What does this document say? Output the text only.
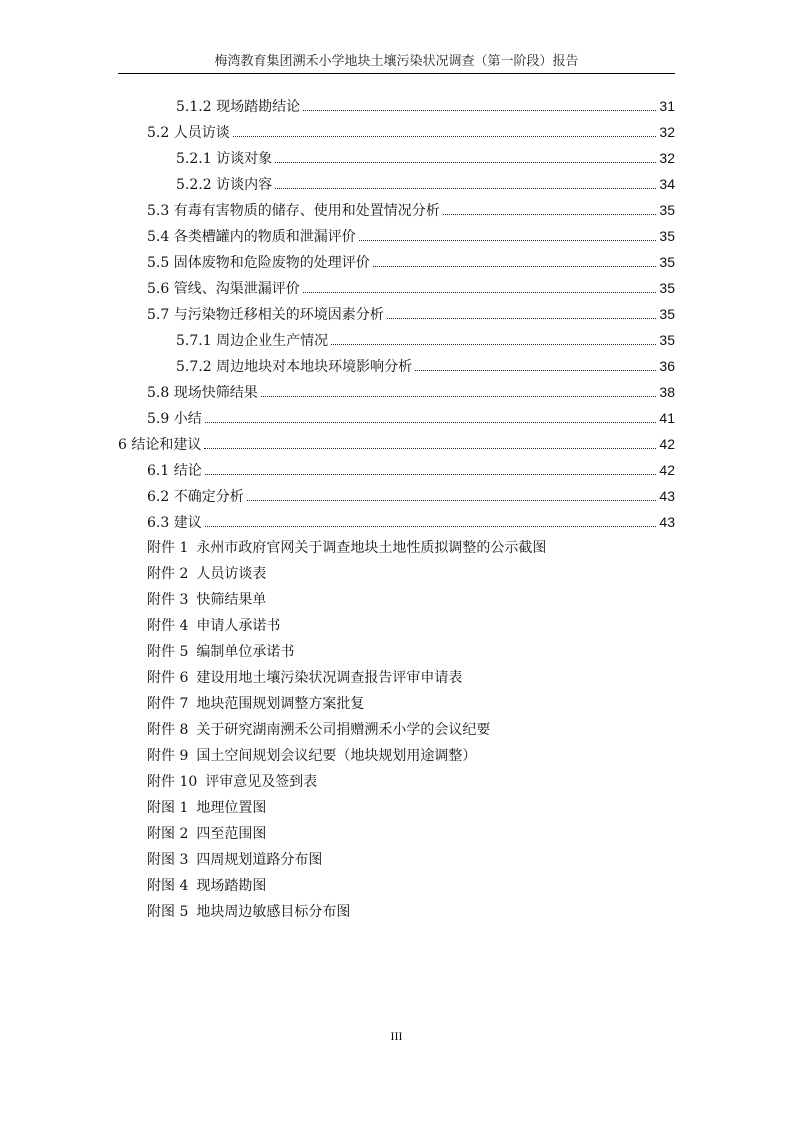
梅湾教育集团溯禾小学地块土壤污染状况调查（第一阶段）报告
5.1.2 现场踏勘结论	31
5.2 人员访谈	32
5.2.1 访谈对象	32
5.2.2 访谈内容	34
5.3 有毒有害物质的储存、使用和处置情况分析	35
5.4 各类槽罐内的物质和泄漏评价	35
5.5 固体废物和危险废物的处理评价	35
5.6 管线、沟渠泄漏评价	35
5.7 与污染物迁移相关的环境因素分析	35
5.7.1 周边企业生产情况	35
5.7.2 周边地块对本地块环境影响分析	36
5.8 现场快筛结果	38
5.9 小结	41
6 结论和建议	42
6.1 结论	42
6.2 不确定分析	43
6.3 建议	43
附件 1 永州市政府官网关于调查地块土地性质拟调整的公示截图
附件 2 人员访谈表
附件 3 快筛结果单
附件 4 申请人承诺书
附件 5 编制单位承诺书
附件 6 建设用地土壤污染状况调查报告评审申请表
附件 7 地块范围规划调整方案批复
附件 8 关于研究湖南溯禾公司捐赠溯禾小学的会议纪要
附件 9 国土空间规划会议纪要（地块规划用途调整）
附件 10 评审意见及签到表
附图 1 地理位置图
附图 2 四至范围图
附图 3 四周规划道路分布图
附图 4 现场踏勘图
附图 5 地块周边敏感目标分布图
III
